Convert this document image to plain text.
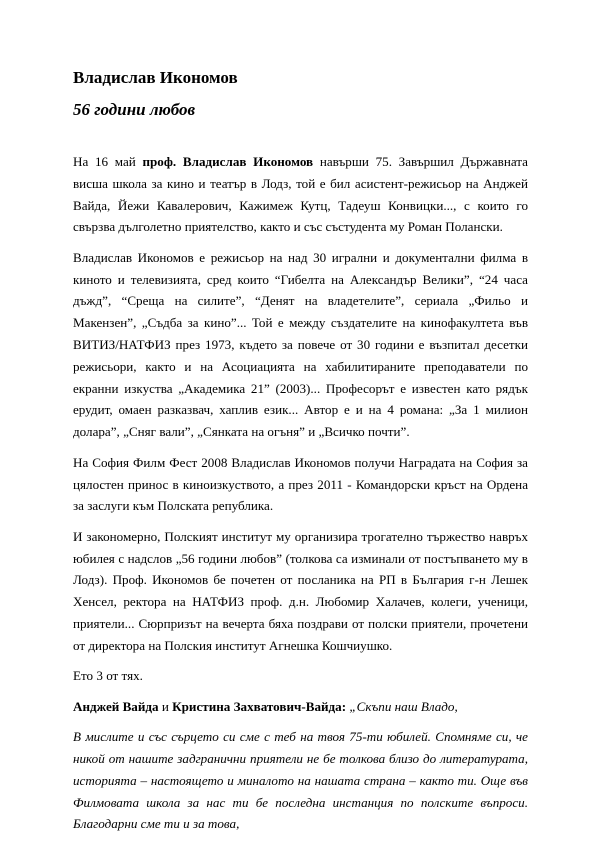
Владислав Икономов
56 години любов

На 16 май проф. Владислав Икономов навърши 75. Завършил Държавната висша школа за кино и театър в Лодз, той е бил асистент-режисьор на Анджей Вайда, Йежи Кавалерович, Кажимеж Кутц, Тадеуш Конвицки..., с които го свързва дълголетно приятелство, както и със състудента му Роман Полански.

Владислав Икономов е режисьор на над 30 игрални и документални филма в киното и телевизията, сред които “Гибелта на Александър Велики”, “24 часа дъжд”, “Среща на силите”, “Денят на владетелите”, сериала „Фильо и Макензен”, „Съдба за кино”... Той е между създателите на кинофакултета във ВИТИЗ/НАТФИЗ през 1973, където за повече от 30 години е възпитал десетки режисьори, както и на Асоциацията на хабилитираните преподаватели по екранни изкуства „Академика 21” (2003)... Професорът е известен като рядък ерудит, омаен разказвач, хаплив език... Автор е и на 4 романа: „За 1 милион долара”, „Сняг вали”, „Сянката на огъня” и „Всичко почти”.

На София Филм Фест 2008 Владислав Икономов получи Наградата на София за цялостен принос в киноизкуството, а през 2011 - Командорски кръст на Ордена за заслуги към Полската република.

И закономерно, Полският институт му организира трогателно тържество навръх юбилея с надслов „56 години любов” (толкова са изминали от постъпването му в Лодз). Проф. Икономов бе почетен от посланика на РП в България г-н Лешек Хенсел, ректора на НАТФИЗ проф. д.н. Любомир Халачев, колеги, ученици, приятели... Сюрпризът на вечерта бяха поздрави от полски приятели, прочетени от директора на Полския институт Агнешка Кошчиушко.

Ето 3 от тях.

Анджей Вайда и Кристина Захватович-Вайда: „Скъпи наш Владо,

В мислите и със сърцето си сме с теб на твоя 75-ти юбилей. Спомняме си, че никой от нашите задгранични приятели не бе толкова близо до литературата, историята – настоящето и миналото на нашата страна – както ти. Още във Филмовата школа за нас ти бе последна инстанция по полските въпроси. Благодарни сме ти и за това,
